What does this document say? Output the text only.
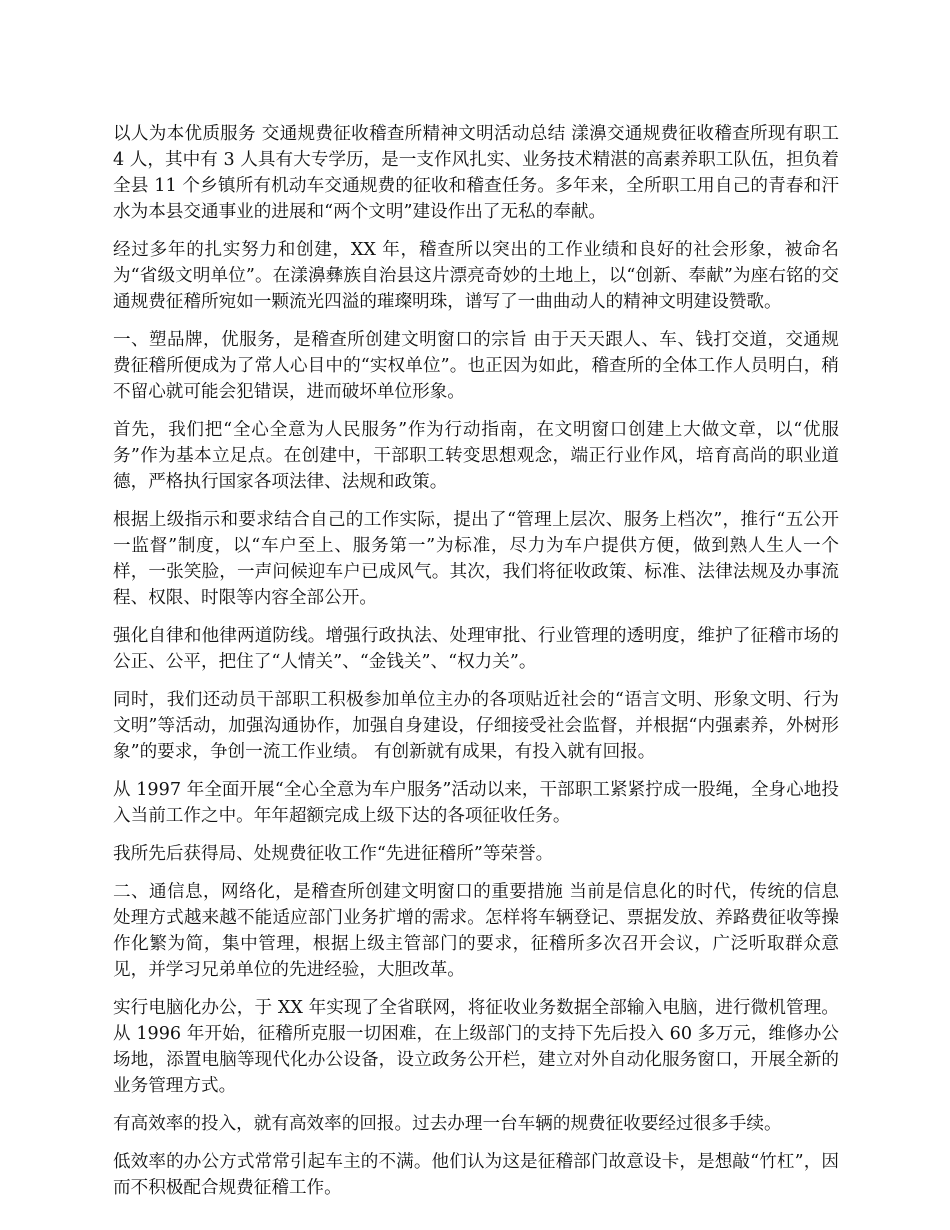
以人为本优质服务 交通规费征收稽查所精神文明活动总结 漾濞交通规费征收稽查所现有职工 4 人，其中有 3 人具有大专学历，是一支作风扎实、业务技术精湛的高素养职工队伍，担负着全县 11 个乡镇所有机动车交通规费的征收和稽查任务。多年来，全所职工用自己的青春和汗水为本县交通事业的进展和“两个文明”建设作出了无私的奉献。

经过多年的扎实努力和创建，XX 年，稽查所以突出的工作业绩和良好的社会形象，被命名为“省级文明单位”。在漾濞彝族自治县这片漂亮奇妙的土地上，以“创新、奉献”为座右铭的交通规费征稽所宛如一颗流光四溢的璀璨明珠，谱写了一曲曲动人的精神文明建设赞歌。

一、塑品牌，优服务，是稽查所创建文明窗口的宗旨 由于天天跟人、车、钱打交道，交通规费征稽所便成为了常人心目中的“实权单位”。也正因为如此，稽查所的全体工作人员明白，稍不留心就可能会犯错误，进而破坏单位形象。

首先，我们把“全心全意为人民服务”作为行动指南，在文明窗口创建上大做文章，以“优服务”作为基本立足点。在创建中，干部职工转变思想观念，端正行业作风，培育高尚的职业道德，严格执行国家各项法律、法规和政策。

根据上级指示和要求结合自己的工作实际，提出了“管理上层次、服务上档次”，推行“五公开一监督”制度，以“车户至上、服务第一”为标准，尽力为车户提供方便，做到熟人生人一个样，一张笑脸，一声问候迎车户已成风气。其次，我们将征收政策、标准、法律法规及办事流程、权限、时限等内容全部公开。

强化自律和他律两道防线。增强行政执法、处理审批、行业管理的透明度，维护了征稽市场的公正、公平，把住了“人情关”、“金钱关”、“权力关”。

同时，我们还动员干部职工积极参加单位主办的各项贴近社会的“语言文明、形象文明、行为文明”等活动，加强沟通协作，加强自身建设，仔细接受社会监督，并根据“内强素养，外树形象”的要求，争创一流工作业绩。 有创新就有成果，有投入就有回报。

从 1997 年全面开展“全心全意为车户服务”活动以来，干部职工紧紧拧成一股绳，全身心地投入当前工作之中。年年超额完成上级下达的各项征收任务。

我所先后获得局、处规费征收工作“先进征稽所”等荣誉。

二、通信息，网络化，是稽查所创建文明窗口的重要措施 当前是信息化的时代，传统的信息处理方式越来越不能适应部门业务扩增的需求。怎样将车辆登记、票据发放、养路费征收等操作化繁为简，集中管理，根据上级主管部门的要求，征稽所多次召开会议，广泛听取群众意见，并学习兄弟单位的先进经验，大胆改革。

实行电脑化办公，于 XX 年实现了全省联网，将征收业务数据全部输入电脑，进行微机管理。从 1996 年开始，征稽所克服一切困难，在上级部门的支持下先后投入 60 多万元，维修办公场地，添置电脑等现代化办公设备，设立政务公开栏，建立对外自动化服务窗口，开展全新的业务管理方式。

有高效率的投入，就有高效率的回报。过去办理一台车辆的规费征收要经过很多手续。

低效率的办公方式常常引起车主的不满。他们认为这是征稽部门故意设卡，是想敲“竹杠”，因而不积极配合规费征稽工作。
